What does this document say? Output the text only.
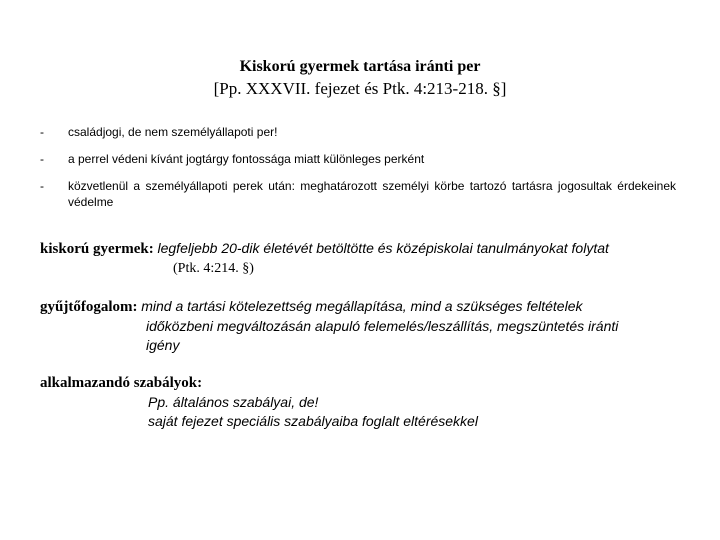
Kiskorú gyermek tartása iránti per
[Pp. XXXVII. fejezet és Ptk. 4:213-218. §]
-	családjogi, de nem személyállapoti per!
-	a perrel védeni kívánt jogtárgy fontossága miatt különleges perként
-	közvetlenül a személyállapoti perek után: meghatározott személyi körbe tartozó tartásra jogosultak érdekeinek védelme
kiskorú gyermek: legfeljebb 20-dik életévét betöltötte és középiskolai tanulmányokat folytat
(Ptk. 4:214. §)
gyűjtőfogalom: mind a tartási kötelezettség megállapítása, mind a szükséges feltételek
időközbeni megváltozásán alapuló felemelés/leszállítás, megszüntetés iránti
igény
alkalmazandó szabályok:
Pp. általános szabályai, de!
saját fejezet speciális szabályaiba foglalt eltérésekkel
